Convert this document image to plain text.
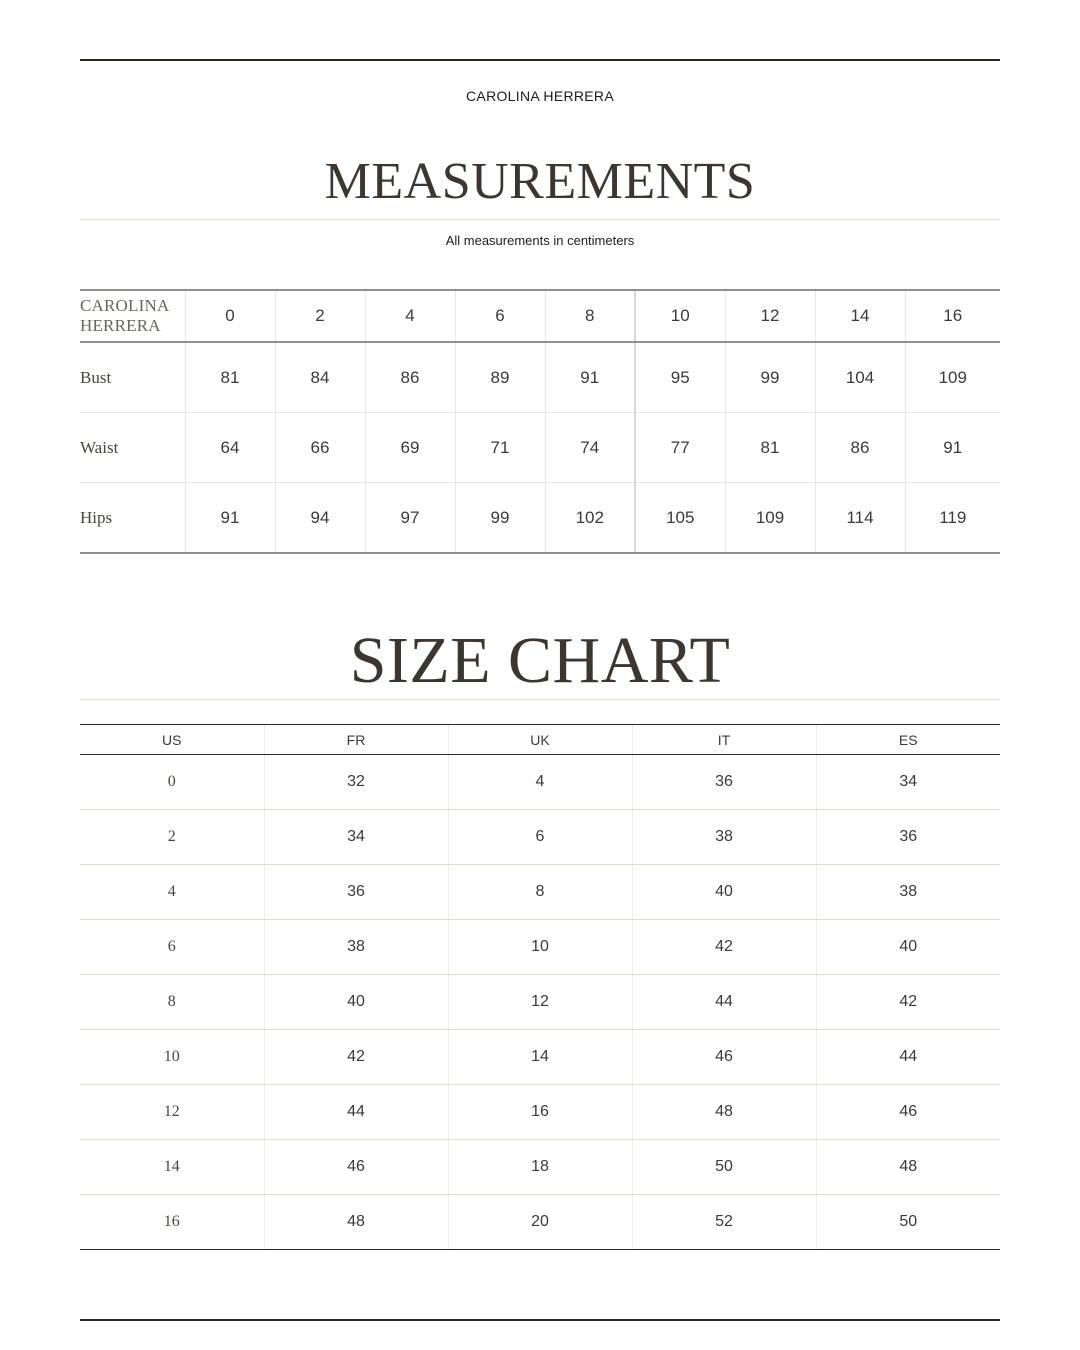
CAROLINA HERRERA
MEASUREMENTS
All measurements in centimeters
CAROLINA HERRERA	0	2	4	6	8	10	12	14	16
Bust	81	84	86	89	91	95	99	104	109
Waist	64	66	69	71	74	77	81	86	91
Hips	91	94	97	99	102	105	109	114	119
SIZE CHART
US	FR	UK	IT	ES
0	32	4	36	34
2	34	6	38	36
4	36	8	40	38
6	38	10	42	40
8	40	12	44	42
10	42	14	46	44
12	44	16	48	46
14	46	18	50	48
16	48	20	52	50
